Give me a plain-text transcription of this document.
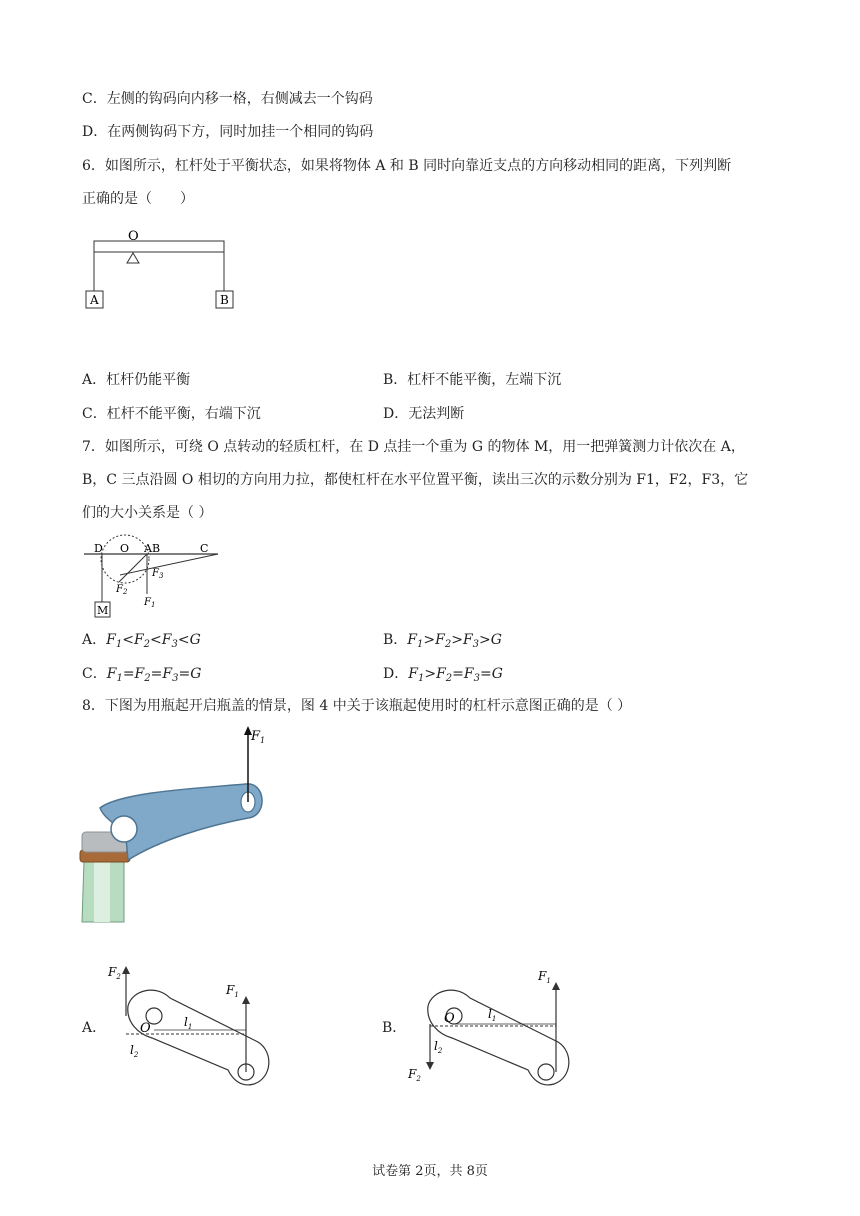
C．左侧的钩码向内移一格，右侧减去一个钩码
D．在两侧钩码下方，同时加挂一个相同的钩码
6．如图所示，杠杆处于平衡状态，如果将物体 A 和 B 同时向靠近支点的方向移动相同的距离，下列判断
正确的是（　　）
O
A	B
A．杠杆仍能平衡	B．杠杆不能平衡，左端下沉
C．杠杆不能平衡，右端下沉	D．无法判断
7．如图所示，可绕 O 点转动的轻质杠杆，在 D 点挂一个重为 G 的物体 M，用一把弹簧测力计依次在 A，
B，C 三点沿圆 O 相切的方向用力拉，都使杠杆在水平位置平衡，读出三次的示数分别为 F1，F2，F3，它
们的大小关系是（ ）
D O AB	C
M
$F_1$
$F_2$
$F_3$
A．$F_1<F_2<F_3<G$	B．$F_1>F_2>F_3>G$
C．$F_1=F_2=F_3=G$	D．$F_1>F_2=F_3=G$
8．下图为用瓶起开启瓶盖的情景，图 4 中关于该瓶起使用时的杠杆示意图正确的是（ ）
$F_1$
A．
$F_2$
$F_1$
O	$l_1$
$l_2$
B．
$F_2$
$F_1$
O	$l_1$
$l_2$
试卷第 2页，共 8页
